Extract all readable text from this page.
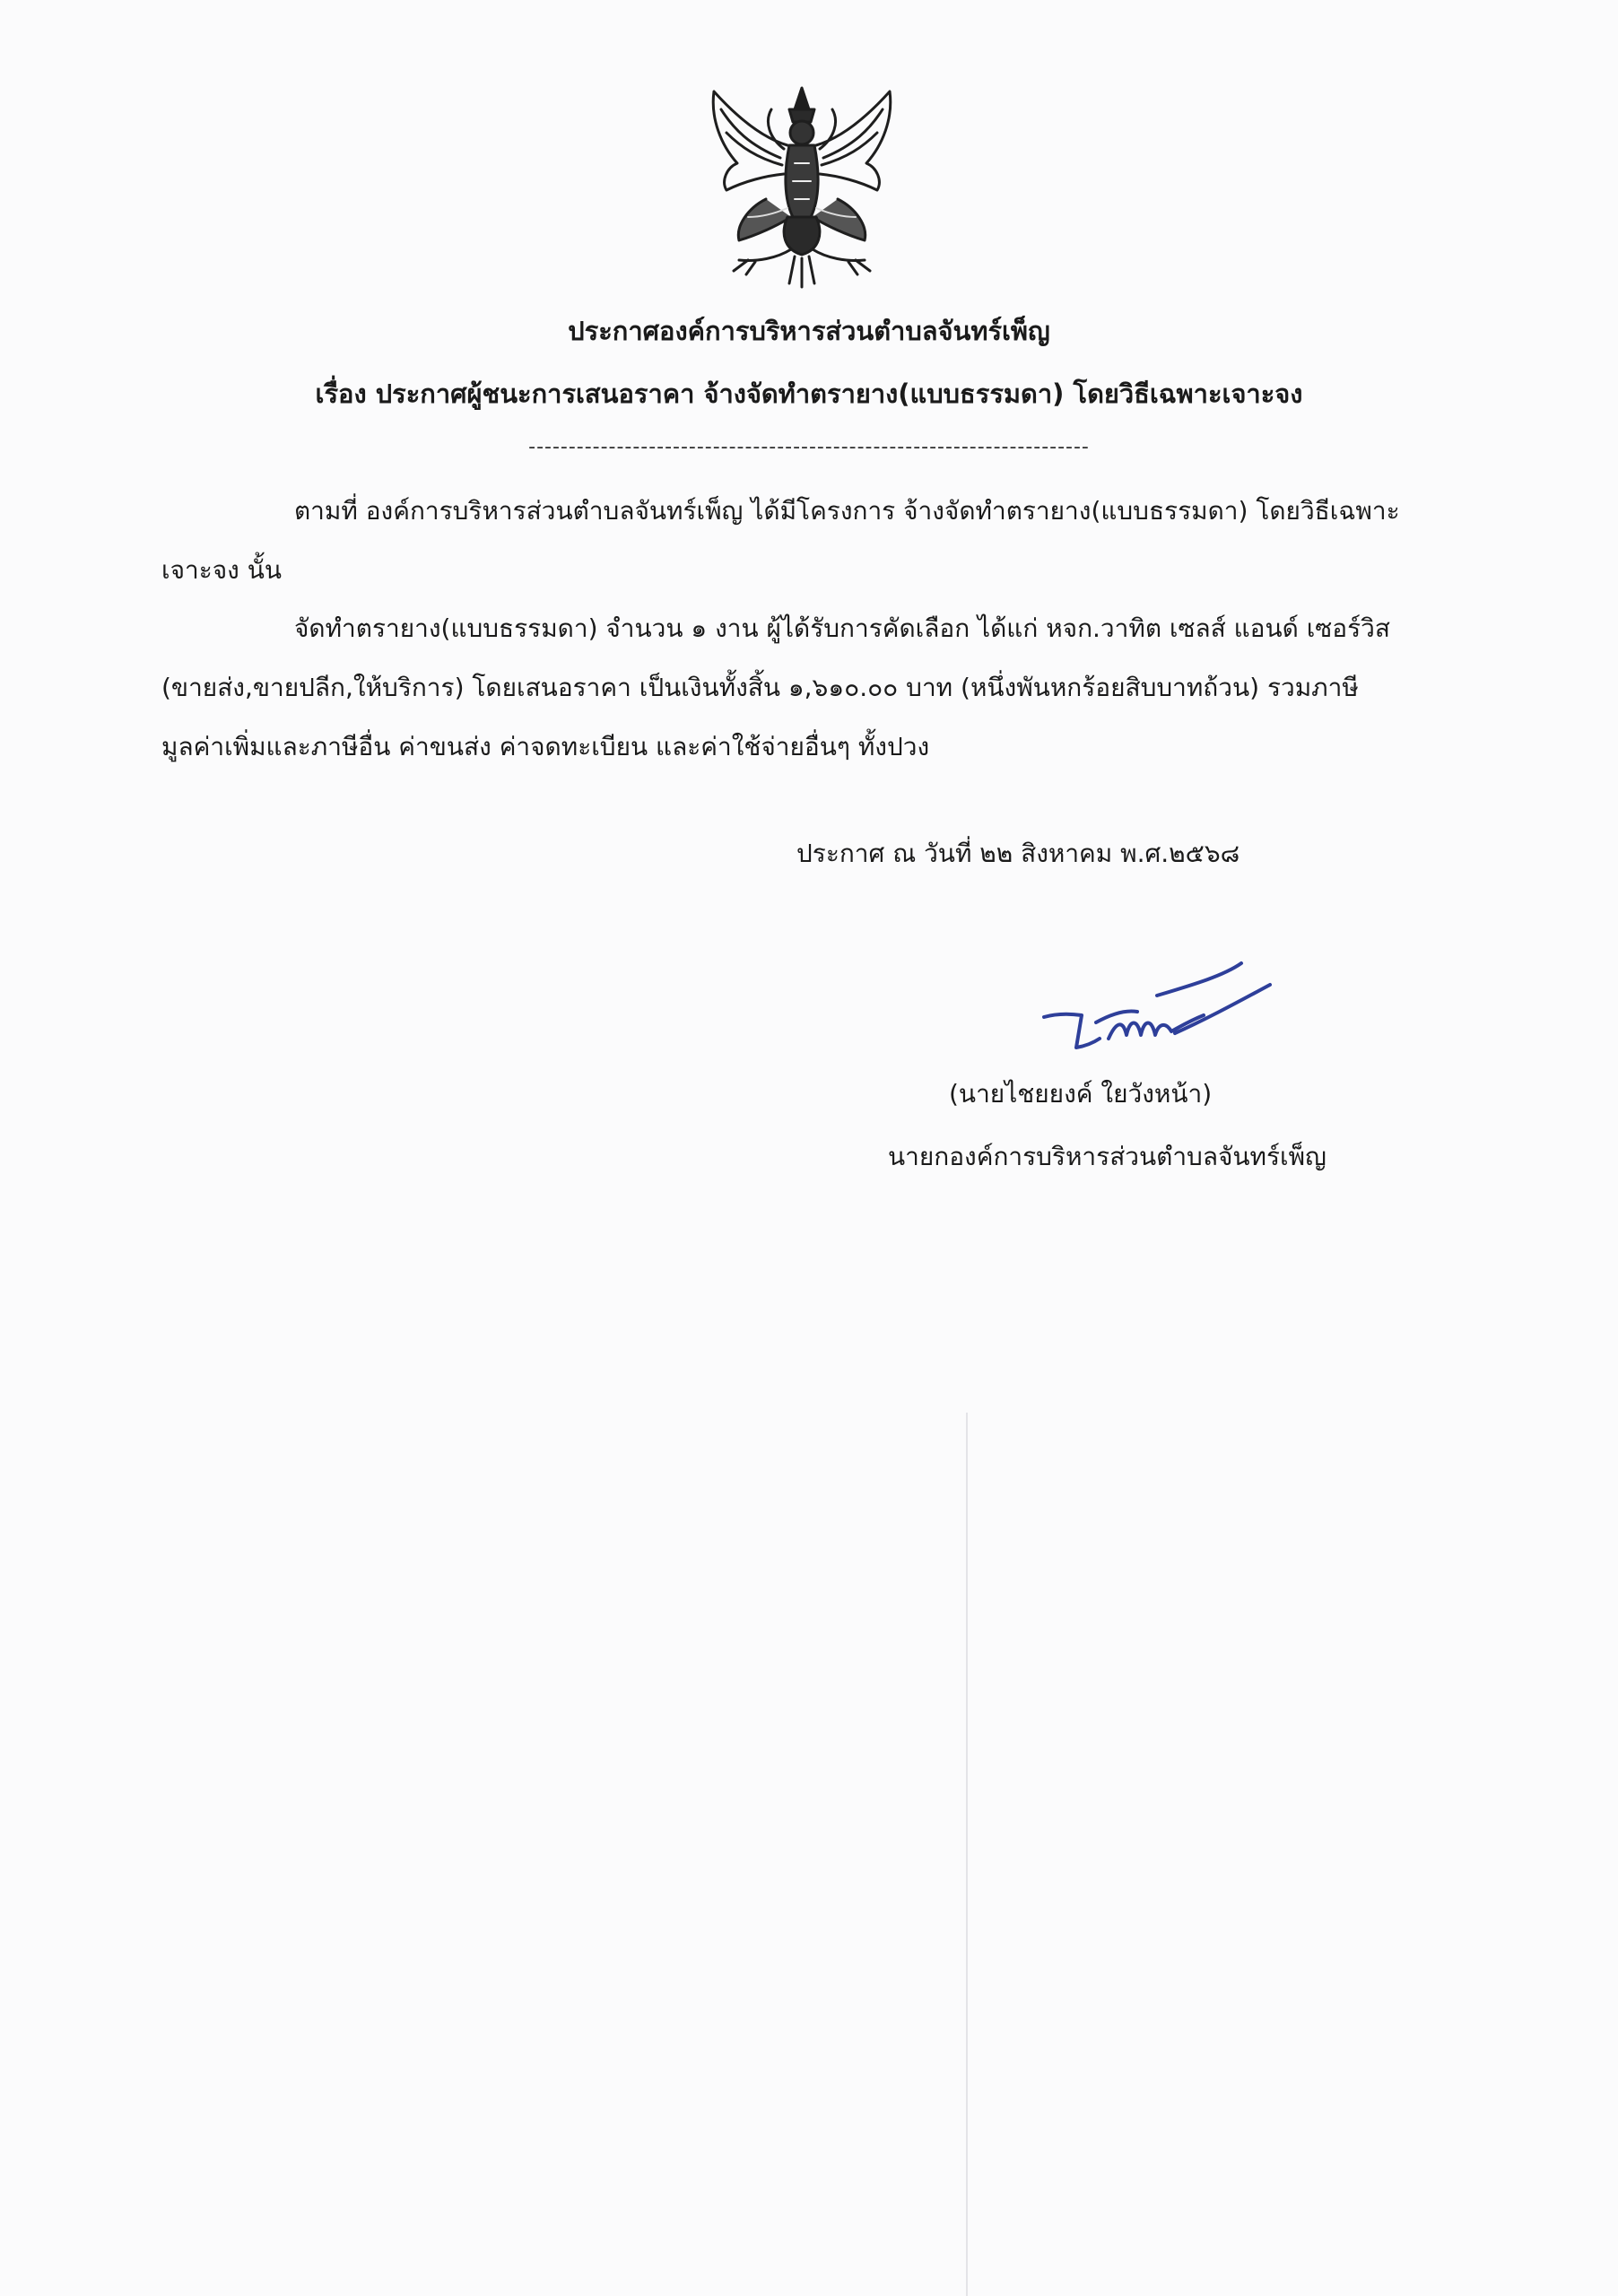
ประกาศองค์การบริหารส่วนตำบลจันทร์เพ็ญ
เรื่อง ประกาศผู้ชนะการเสนอราคา จ้างจัดทำตรายาง(แบบธรรมดา) โดยวิธีเฉพาะเจาะจง
----------------------------------------------------------------------
ตามที่ องค์การบริหารส่วนตำบลจันทร์เพ็ญ ได้มีโครงการ จ้างจัดทำตรายาง(แบบธรรมดา) โดยวิธีเฉพาะ
เจาะจง นั้น
จัดทำตรายาง(แบบธรรมดา) จำนวน ๑ งาน ผู้ได้รับการคัดเลือก ได้แก่ หจก.วาทิต เซลส์ แอนด์ เซอร์วิส
(ขายส่ง,ขายปลีก,ให้บริการ) โดยเสนอราคา เป็นเงินทั้งสิ้น ๑,๖๑๐.๐๐ บาท (หนึ่งพันหกร้อยสิบบาทถ้วน) รวมภาษี
มูลค่าเพิ่มและภาษีอื่น ค่าขนส่ง ค่าจดทะเบียน และค่าใช้จ่ายอื่นๆ ทั้งปวง
ประกาศ ณ วันที่ ๒๒ สิงหาคม พ.ศ.๒๕๖๘
(นายไชยยงค์ ใยวังหน้า)
นายกองค์การบริหารส่วนตำบลจันทร์เพ็ญ
